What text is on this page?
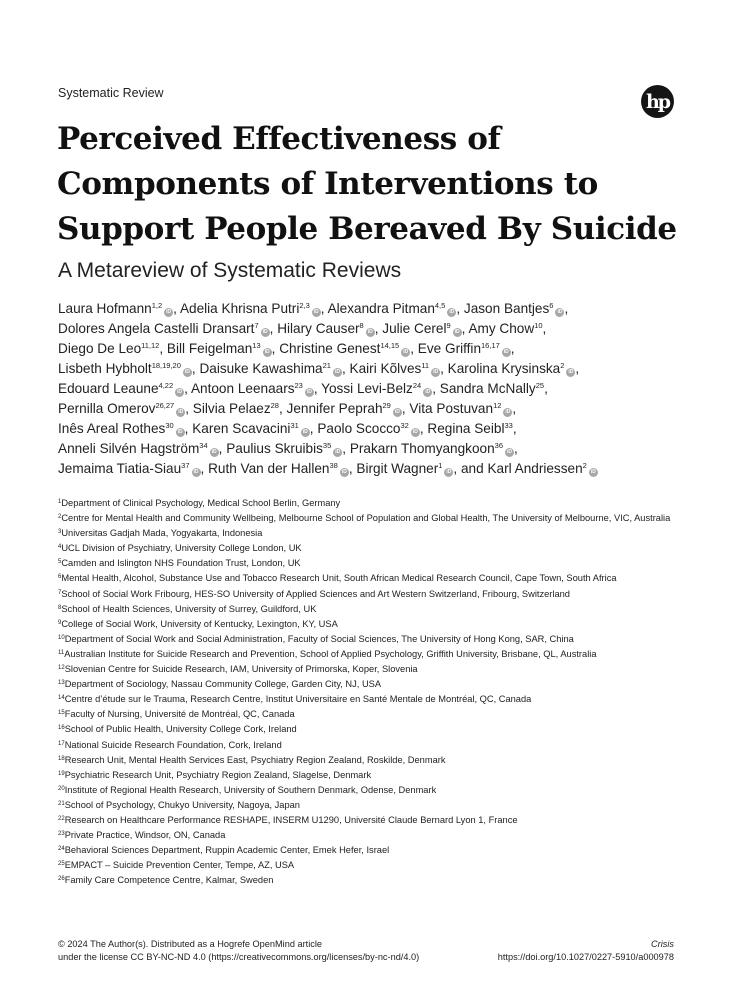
Systematic Review	hp
Perceived Effectiveness of Components of Interventions to Support People Bereaved By Suicide
A Metareview of Systematic Reviews
Laura Hofmann$^{1,2}$iD , Adelia Khrisna Putri$^{2,3}$iD , Alexandra Pitman$^{4,5}$iD , Jason Bantjes$^6$iD ,
Dolores Angela Castelli Dransart$^7$iD , Hilary Causer$^8$iD , Julie Cerel$^9$iD , Amy Chow$^{10}$,
Diego De Leo$^{11,12}$, Bill Feigelman$^{13}$iD , Christine Genest$^{14,15}$iD , Eve Griffin$^{16,17}$iD ,
Lisbeth Hybholt$^{18,19,20}$iD , Daisuke Kawashima$^{21}$iD , Kairi Kõlves$^{11}$iD , Karolina Krysinska$^2$iD ,
Edouard Leaune$^{4,22}$iD , Antoon Leenaars$^{23}$iD , Yossi Levi-Belz$^{24}$iD , Sandra McNally$^{25}$,
Pernilla Omerov$^{26,27}$iD , Silvia Pelaez$^{28}$, Jennifer Peprah$^{29}$iD , Vita Postuvan$^{12}$iD ,
Inês Areal Rothes$^{30}$iD , Karen Scavacini$^{31}$iD , Paolo Scocco$^{32}$iD , Regina Seibl$^{33}$,
Anneli Silvén Hagström$^{34}$iD , Paulius Skruibis$^{35}$iD , Prakarn Thomyangkoon$^{36}$iD ,
Jemaima Tiatia-Siau$^{37}$iD , Ruth Van der Hallen$^{38}$iD , Birgit Wagner$^1$iD , and Karl Andriessen$^2$iD
$^1$Department of Clinical Psychology, Medical School Berlin, Germany
$^2$Centre for Mental Health and Community Wellbeing, Melbourne School of Population and Global Health, The University of Melbourne, VIC, Australia
$^3$Universitas Gadjah Mada, Yogyakarta, Indonesia
$^4$UCL Division of Psychiatry, University College London, UK
$^5$Camden and Islington NHS Foundation Trust, London, UK
$^6$Mental Health, Alcohol, Substance Use and Tobacco Research Unit, South African Medical Research Council, Cape Town, South Africa
$^7$School of Social Work Fribourg, HES-SO University of Applied Sciences and Art Western Switzerland, Fribourg, Switzerland
$^8$School of Health Sciences, University of Surrey, Guildford, UK
$^9$College of Social Work, University of Kentucky, Lexington, KY, USA
$^{10}$Department of Social Work and Social Administration, Faculty of Social Sciences, The University of Hong Kong, SAR, China
$^{11}$Australian Institute for Suicide Research and Prevention, School of Applied Psychology, Griffith University, Brisbane, QL, Australia
$^{12}$Slovenian Centre for Suicide Research, IAM, University of Primorska, Koper, Slovenia
$^{13}$Department of Sociology, Nassau Community College, Garden City, NJ, USA
$^{14}$Centre d’étude sur le Trauma, Research Centre, Institut Universitaire en Santé Mentale de Montréal, QC, Canada
$^{15}$Faculty of Nursing, Université de Montréal, QC, Canada
$^{16}$School of Public Health, University College Cork, Ireland
$^{17}$National Suicide Research Foundation, Cork, Ireland
$^{18}$Research Unit, Mental Health Services East, Psychiatry Region Zealand, Roskilde, Denmark
$^{19}$Psychiatric Research Unit, Psychiatry Region Zealand, Slagelse, Denmark
$^{20}$Institute of Regional Health Research, University of Southern Denmark, Odense, Denmark
$^{21}$School of Psychology, Chukyo University, Nagoya, Japan
$^{22}$Research on Healthcare Performance RESHAPE, INSERM U1290, Université Claude Bernard Lyon 1, France
$^{23}$Private Practice, Windsor, ON, Canada
$^{24}$Behavioral Sciences Department, Ruppin Academic Center, Emek Hefer, Israel
$^{25}$EMPACT – Suicide Prevention Center, Tempe, AZ, USA
$^{26}$Family Care Competence Centre, Kalmar, Sweden
© 2024 The Author(s). Distributed as a Hogrefe OpenMind article
under the license CC BY-NC-ND 4.0 (https://creativecommons.org/licenses/by-nc-nd/4.0)
Crisis
https://doi.org/10.1027/0227-5910/a000978
